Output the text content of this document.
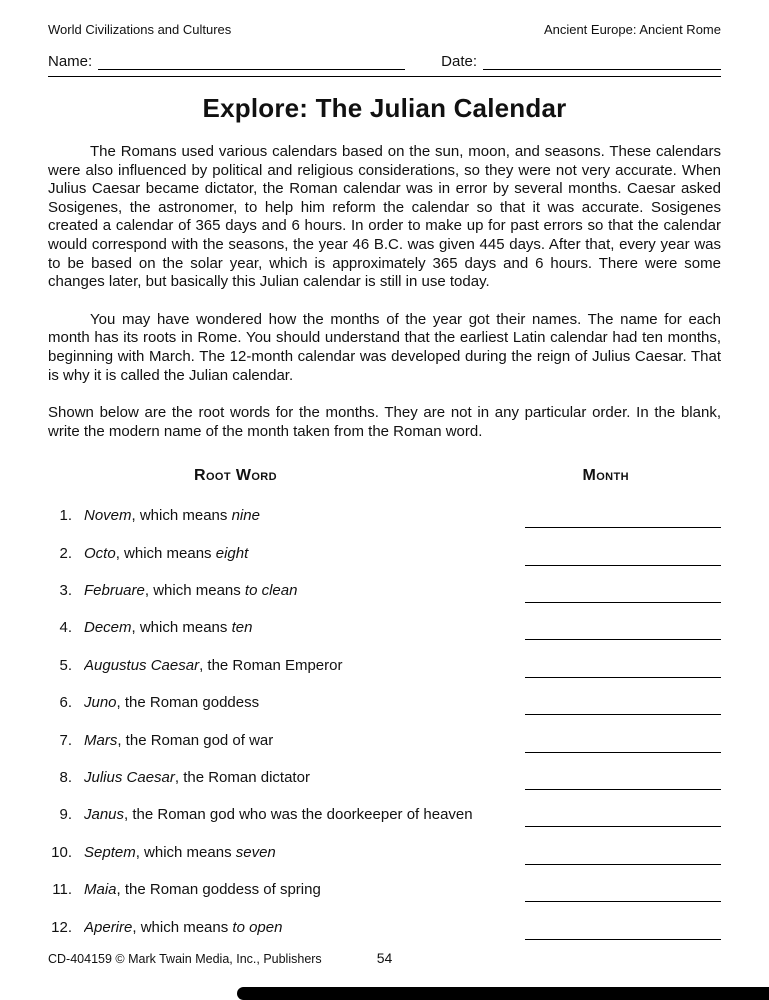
World Civilizations and Cultures	Ancient Europe: Ancient Rome
Name:	Date:
Explore: The Julian Calendar

The Romans used various calendars based on the sun, moon, and seasons. These calendars were also influenced by political and religious considerations, so they were not very accurate. When Julius Caesar became dictator, the Roman calendar was in error by several months. Caesar asked Sosigenes, the astronomer, to help him reform the calendar so that it was accurate. Sosigenes created a calendar of 365 days and 6 hours. In order to make up for past errors so that the calendar would correspond with the seasons, the year 46 B.C. was given 445 days. After that, every year was to be based on the solar year, which is approximately 365 days and 6 hours. There were some changes later, but basically this Julian calendar is still in use today.

You may have wondered how the months of the year got their names. The name for each month has its roots in Rome. You should understand that the earliest Latin calendar had ten months, beginning with March. The 12-month calendar was developed during the reign of Julius Caesar. That is why it is called the Julian calendar.

Shown below are the root words for the months. They are not in any particular order. In the blank, write the modern name of the month taken from the Roman word.

Root Word	Month
1. Novem, which means nine
2. Octo, which means eight
3. Februare, which means to clean
4. Decem, which means ten
5. Augustus Caesar, the Roman Emperor
6. Juno, the Roman goddess
7. Mars, the Roman god of war
8. Julius Caesar, the Roman dictator
9. Janus, the Roman god who was the doorkeeper of heaven
10. Septem, which means seven
11. Maia, the Roman goddess of spring
12. Aperire, which means to open
CD-404159 © Mark Twain Media, Inc., Publishers	54
